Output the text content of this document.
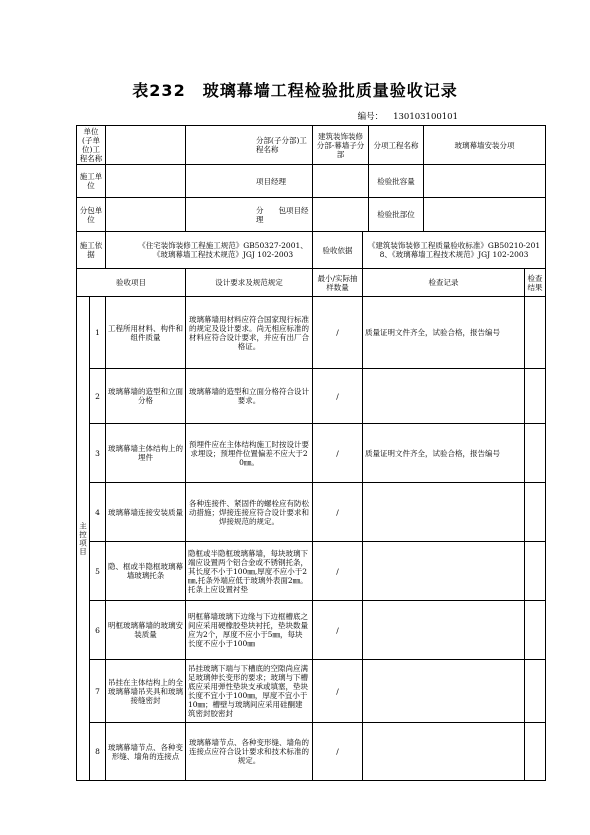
表232　玻璃幕墙工程检验批质量验收记录
编号： 130103100101
单位(子单位)工程名称			分部(子分部)工程名称	建筑装饰装修分部-幕墙子分部		分项工程名称	玻璃幕墙安装分项	
施工单位			项目经理			检验批容量		
分包单位			分　　包项目经理			检验批部位		
施工依据		《住宅装饰装修工程施工规范》GB50327-2001、《玻璃幕墙工程技术规范》JGJ 102-2003		验收依据	《建筑装饰装修工程质量验收标准》GB50210-2018、《玻璃幕墙工程技术规范》JGJ 102-2003			
验收项目			设计要求及规范规定	最小/实际抽样数量	检查记录			检查结果
主控项目	1	工程所用材料、构件和组件质量	玻璃幕墙用材料应符合国家现行标准的规定及设计要求。尚无相应标准的材料应符合设计要求，并应有出厂合格证。	/	质量证明文件齐全，试验合格，报告编号			
	2	玻璃幕墙的造型和立面分格	玻璃幕墙的造型和立面分格符合设计要求。	/				
	3	玻璃幕墙主体结构上的埋件	预埋件应在主体结构施工时按设计要求埋设；预埋件位置偏差不应大于20㎜。	/	质量证明文件齐全，试验合格，报告编号			
	4	玻璃幕墙连接安装质量	各种连接件、紧固件的螺栓应有防松动措施；焊接连接应符合设计要求和焊接规范的规定。	/				
	5	隐、框或半隐框玻璃幕墙玻璃托条	隐框或半隐框玻璃幕墙，每块玻璃下端应设置两个铝合金或不锈钢托条，其长度不小于100㎜,厚度不应小于2㎜,托条外端应低于玻璃外表面2㎜。托条上应设置衬垫	/				
	6	明框玻璃幕墙的玻璃安装质量	明框幕墙玻璃下边缘与下边框槽底之间应采用硬橡胶垫块衬托，垫块数量应为2个，厚度不应小于5㎜，每块长度不应小于100㎜	/				
	7	吊挂在主体结构上的全玻璃幕墙吊夹具和玻璃接缝密封	吊挂玻璃下端与下槽底的空隙尚应满足玻璃伸长变形的要求；玻璃与下槽底应采用弹性垫块支承或填塞，垫块长度不宜小于100㎜，厚度不宜小于10㎜；槽壁与玻璃间应采用硅酮建筑密封胶密封	/				
	8	玻璃幕墙节点、各种变形缝、墙角的连接点	玻璃幕墙节点、各种变形缝、墙角的连接点应符合设计要求和技术标准的规定。	/				
